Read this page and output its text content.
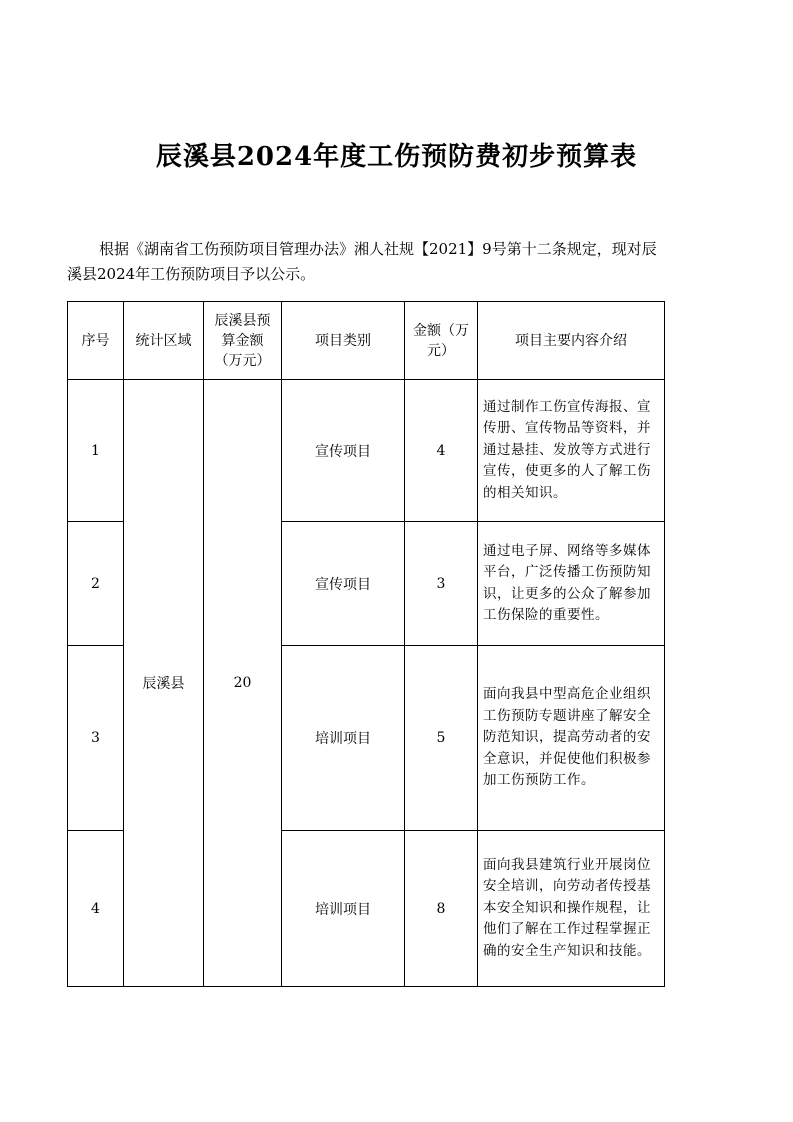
辰溪县2024年度工伤预防费初步预算表

根据《湖南省工伤预防项目管理办法》湘人社规【2021】9号第十二条规定，现对辰溪县2024年工伤预防项目予以公示。

序号	统计区域	辰溪县预算金额（万元）	项目类别	金额（万元）	项目主要内容介绍
1	辰溪县	20	宣传项目	4	通过制作工伤宣传海报、宣传册、宣传物品等资料，并通过悬挂、发放等方式进行宣传，使更多的人了解工伤的相关知识。
2			宣传项目	3	通过电子屏、网络等多媒体平台，广泛传播工伤预防知识，让更多的公众了解参加工伤保险的重要性。
3			培训项目	5	面向我县中型高危企业组织工伤预防专题讲座了解安全防范知识，提高劳动者的安全意识，并促使他们积极参加工伤预防工作。
4			培训项目	8	面向我县建筑行业开展岗位安全培训，向劳动者传授基本安全知识和操作规程，让他们了解在工作过程掌握正确的安全生产知识和技能。
